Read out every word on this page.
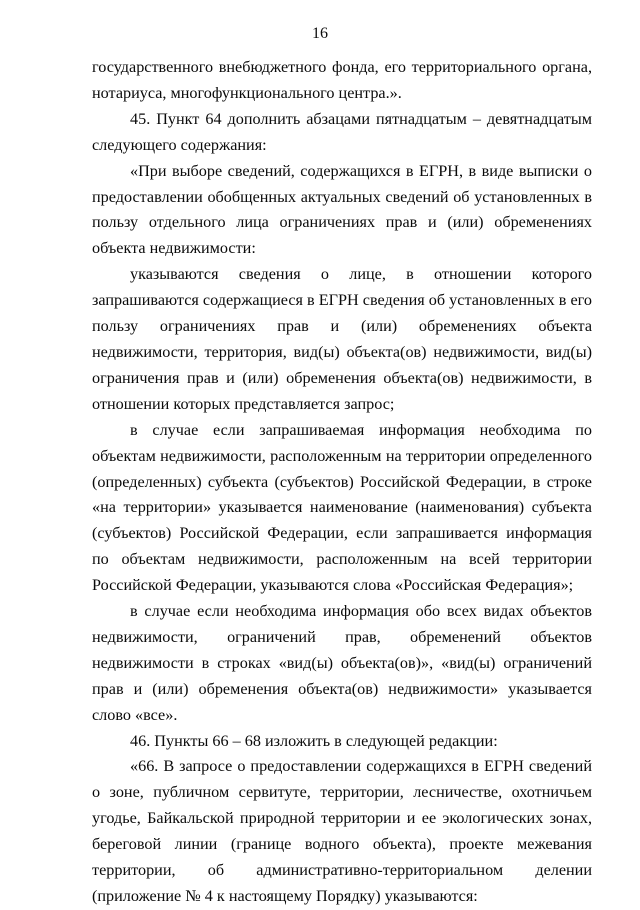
16

государственного внебюджетного фонда, его территориального органа, нотариуса, многофункционального центра.».

45. Пункт 64 дополнить абзацами пятнадцатым – девятнадцатым следующего содержания:

«При выборе сведений, содержащихся в ЕГРН, в виде выписки о предоставлении обобщенных актуальных сведений об установленных в пользу отдельного лица ограничениях прав и (или) обременениях объекта недвижимости:

указываются сведения о лице, в отношении которого запрашиваются содержащиеся в ЕГРН сведения об установленных в его пользу ограничениях прав и (или) обременениях объекта недвижимости, территория, вид(ы) объекта(ов) недвижимости, вид(ы) ограничения прав и (или) обременения объекта(ов) недвижимости, в отношении которых представляется запрос;

в случае если запрашиваемая информация необходима по объектам недвижимости, расположенным на территории определенного (определенных) субъекта (субъектов) Российской Федерации, в строке «на территории» указывается наименование (наименования) субъекта (субъектов) Российской Федерации, если запрашивается информация по объектам недвижимости, расположенным на всей территории Российской Федерации, указываются слова «Российская Федерация»;

в случае если необходима информация обо всех видах объектов недвижимости, ограничений прав, обременений объектов недвижимости в строках «вид(ы) объекта(ов)», «вид(ы) ограничений прав и (или) обременения объекта(ов) недвижимости» указывается слово «все».

46. Пункты 66 – 68 изложить в следующей редакции:

«66. В запросе о предоставлении содержащихся в ЕГРН сведений о зоне, публичном сервитуте, территории, лесничестве, охотничьем угодье, Байкальской природной территории и ее экологических зонах, береговой линии (границе водного объекта), проекте межевания территории, об административно-территориальном делении (приложение № 4 к настоящему Порядку) указываются:
